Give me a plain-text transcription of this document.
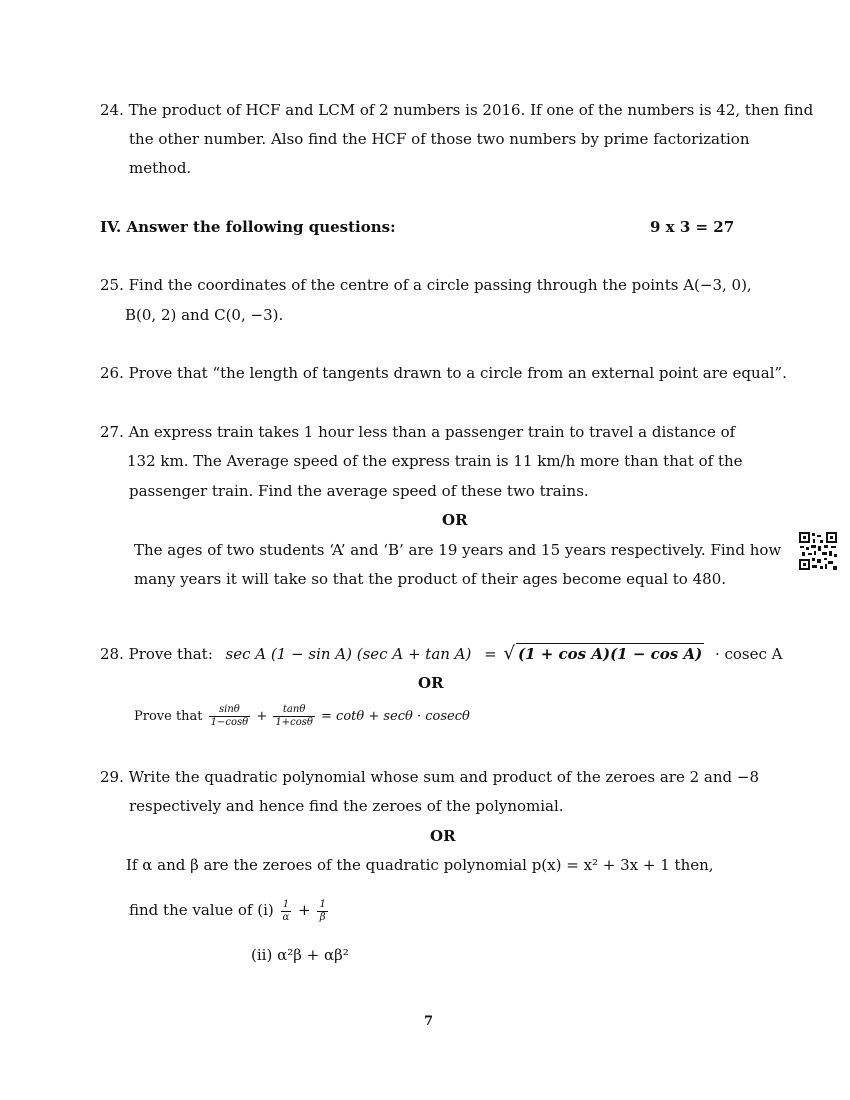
24. The product of HCF and LCM of 2 numbers is 2016. If one of the numbers is 42, then find
the other number. Also find the HCF of those two numbers by prime factorization
method.
IV. Answer the following questions:	9 x 3 = 27
25. Find the coordinates of the centre of a circle passing through the points A(−3, 0),
B(0, 2) and C(0, −3).
26. Prove that “the length of tangents drawn to a circle from an external point are equal”.
27. An express train takes 1 hour less than a passenger train to travel a distance of
132 km. The Average speed of the express train is 11 km/h more than that of the
passenger train. Find the average speed of these two trains.
OR
The ages of two students ‘A’ and ‘B’ are 19 years and 15 years respectively. Find how
many years it will take so that the product of their ages become equal to 480.
28. Prove that: sec A (1 − sin A) (sec A + tan A) = √ (1 + cos A)(1 − cos A) · cosec A
OR
Prove that $\frac{\sin\theta}{1-\cos\theta} + \frac{\tan\theta}{1+\cos\theta} = \cot\theta + \sec\theta \cdot cosec\theta$
29. Write the quadratic polynomial whose sum and product of the zeroes are 2 and −8
respectively and hence find the zeroes of the polynomial.
OR
If α and β are the zeroes of the quadratic polynomial p(x) = x² + 3x + 1 then,
find the value of $(i) \frac{1}{\alpha} + \frac{1}{\beta}$
(ii) α²β + αβ²
7
